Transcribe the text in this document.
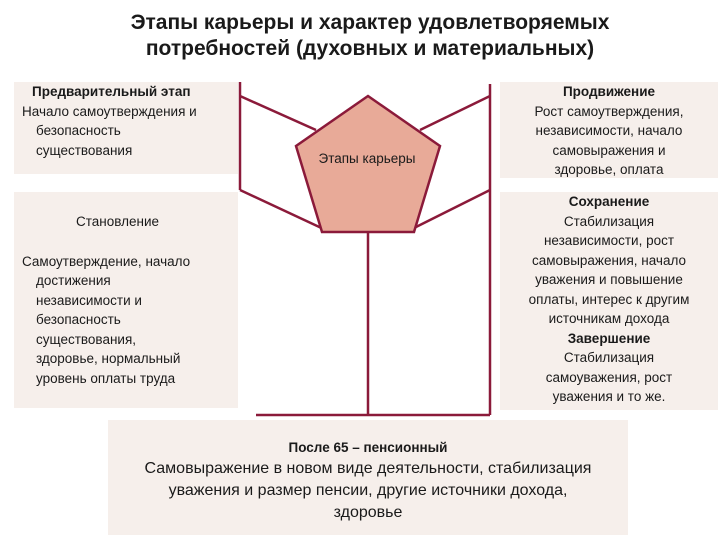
Этапы карьеры и характер удовлетворяемых потребностей (духовных и материальных)
Этапы карьеры
Предварительный этап
Начало самоутверждения и
безопасность
существования
Становление
Самоутверждение, начало
достижения
независимости и
безопасность
существования,
здоровье, нормальный
уровень оплаты труда
Продвижение
Рост самоутверждения,
независимости, начало
самовыражения и
здоровье, оплата
Сохранение
Стабилизация
независимости, рост
самовыражения, начало
уважения и повышение
оплаты, интерес к другим
источникам дохода
Завершение
Стабилизация
самоуважения, рост
уважения и то же.
После 65 – пенсионный
Самовыражение в новом виде деятельности, стабилизация
уважения и размер пенсии, другие источники дохода,
здоровье
